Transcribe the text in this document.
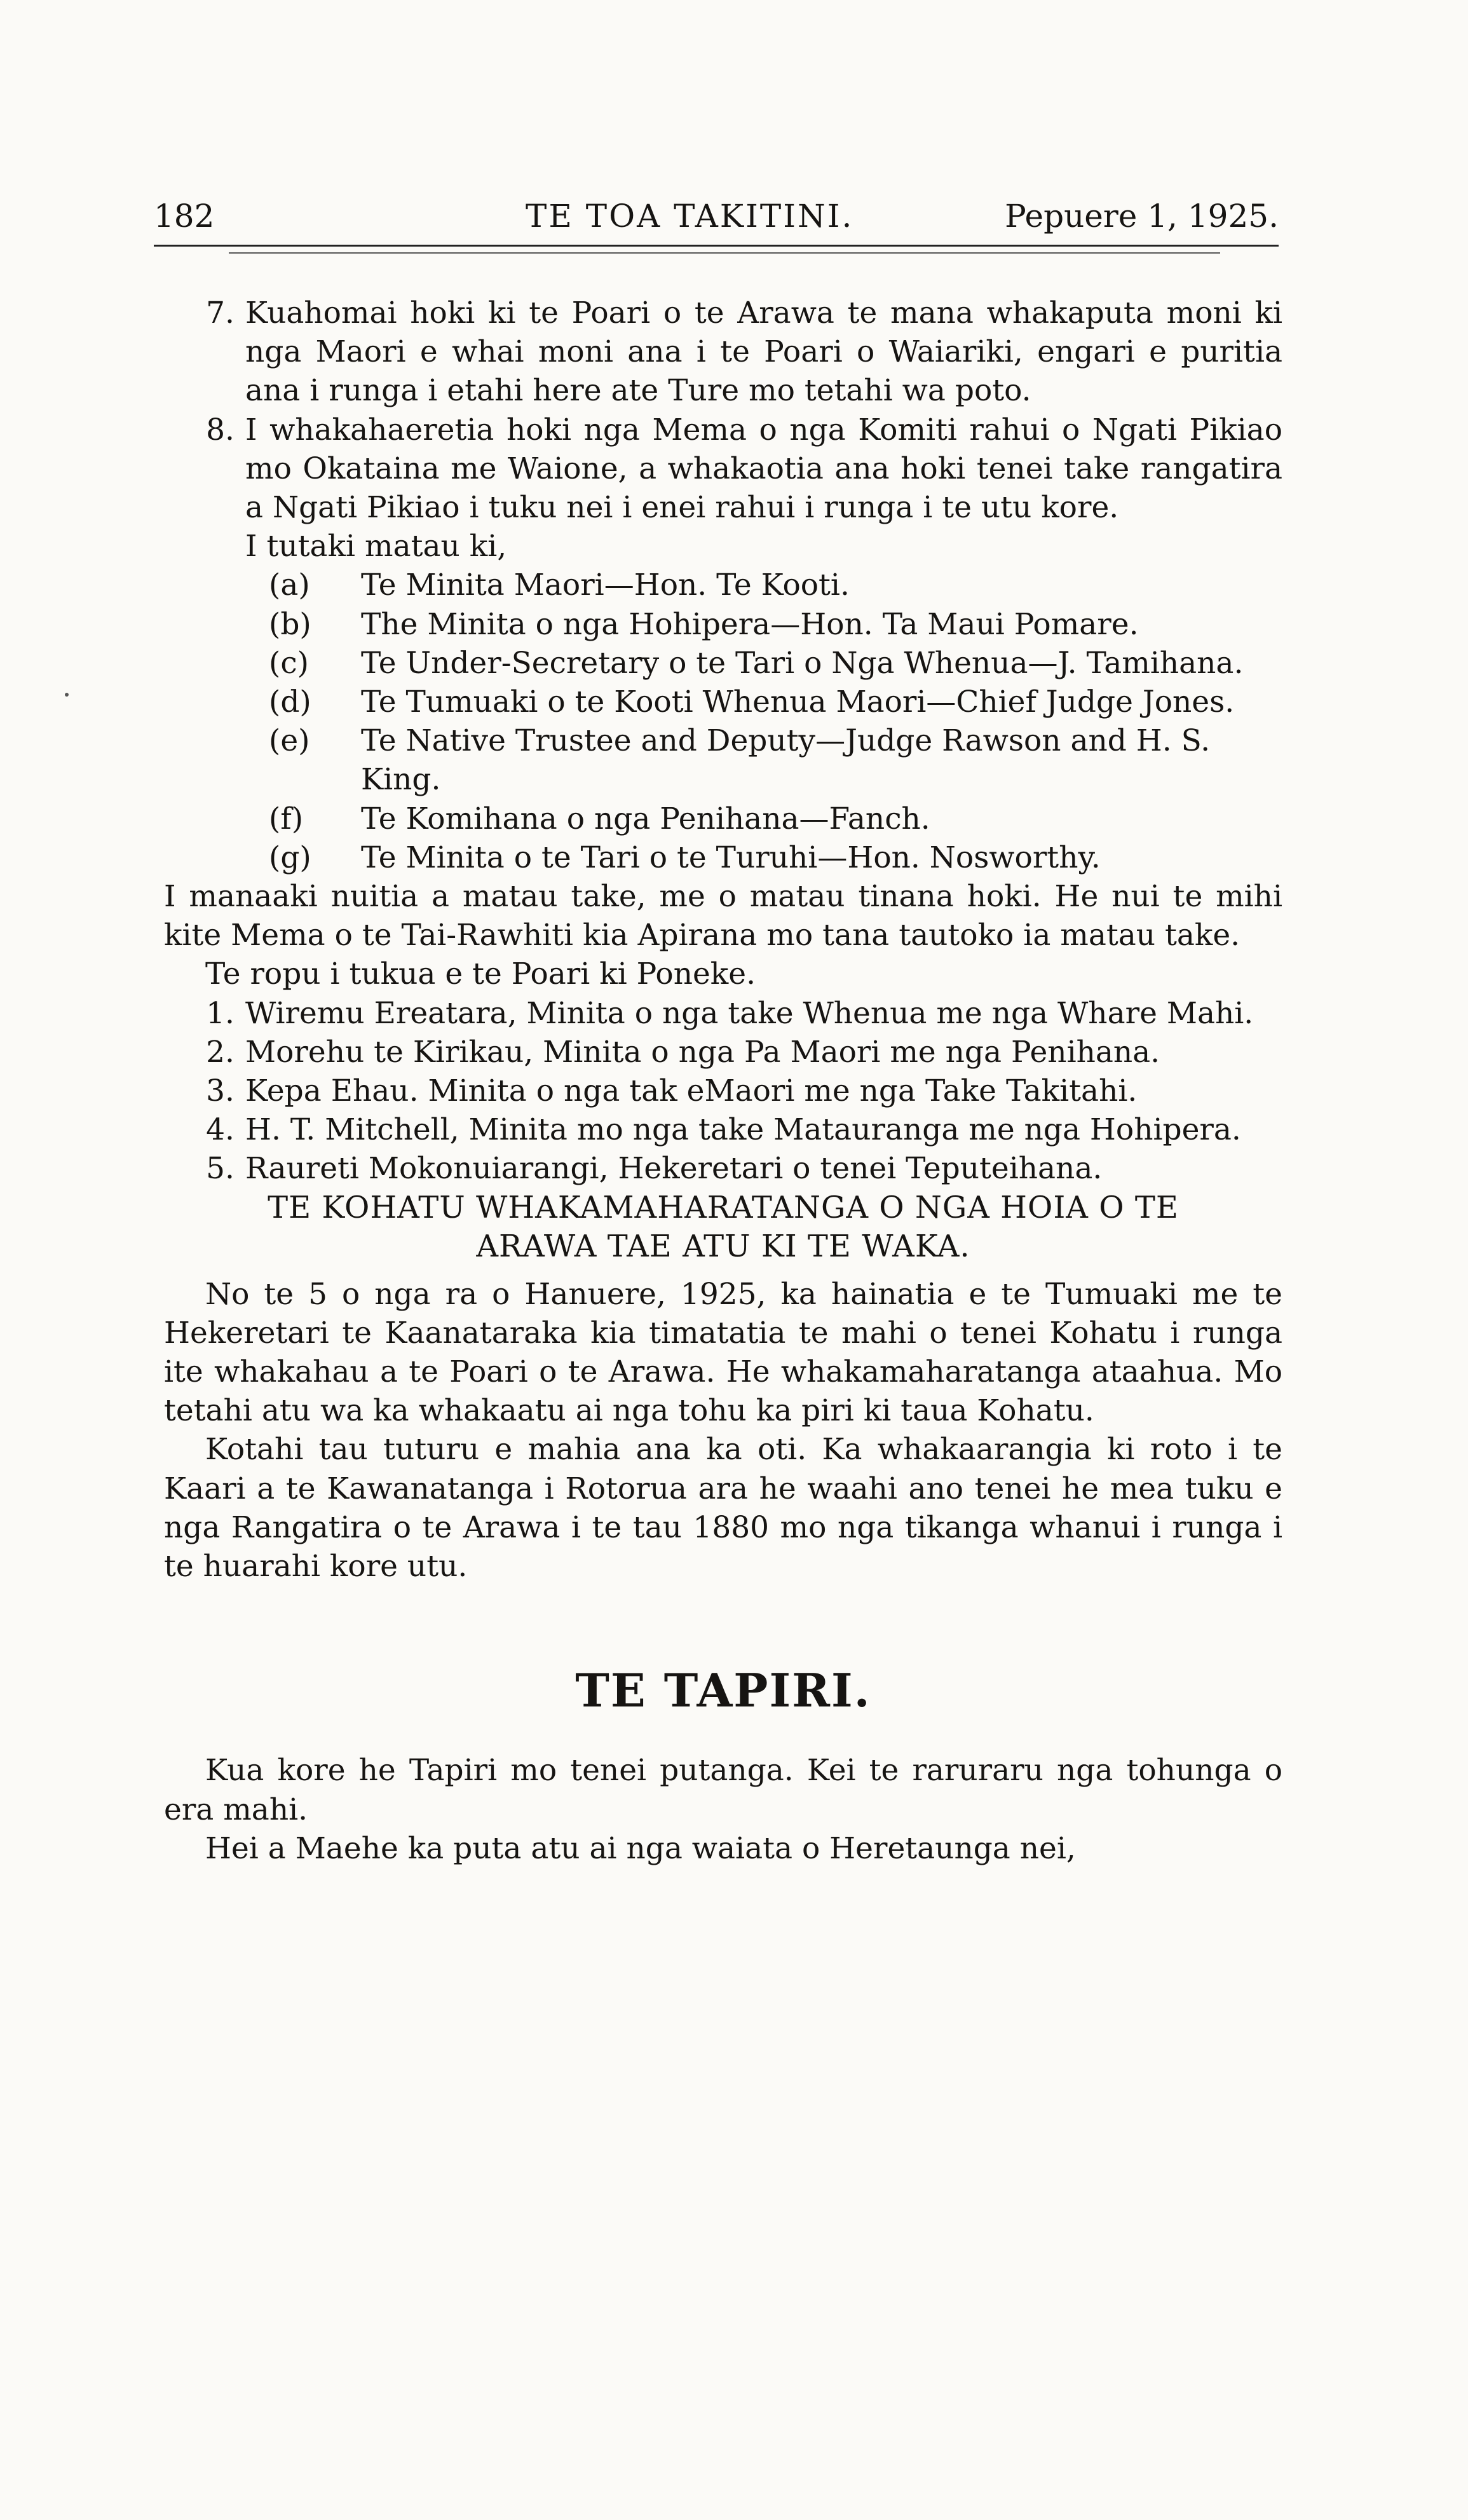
182	TE TOA TAKITINI.	Pepuere 1, 1925.
7. Kuahomai hoki ki te Poari o te Arawa te mana whakaputa moni ki nga Maori e whai moni ana i te Poari o Waiariki, engari e puritia ana i runga i etahi here ate Ture mo tetahi wa poto.
8. I whakahaeretia hoki nga Mema o nga Komiti rahui o Ngati Pikiao mo Okataina me Waione, a whakaotia ana hoki tenei take rangatira a Ngati Pikiao i tuku nei i enei rahui i runga i te utu kore.
I tutaki matau ki,
(a)	Te Minita Maori—Hon. Te Kooti.
(b)	The Minita o nga Hohipera—Hon. Ta Maui Pomare.
(c)	Te Under-Secretary o te Tari o Nga Whenua—J. Tamihana.
(d)	Te Tumuaki o te Kooti Whenua Maori—Chief Judge Jones.
(e)	Te Native Trustee and Deputy—Judge Rawson and H. S. King.
(f)	Te Komihana o nga Penihana—Fanch.
(g)	Te Minita o te Tari o te Turuhi—Hon. Nosworthy.
I manaaki nuitia a matau take, me o matau tinana hoki. He nui te mihi kite Mema o te Tai-Rawhiti kia Apirana mo tana tautoko ia matau take.
Te ropu i tukua e te Poari ki Poneke.
1. Wiremu Ereatara, Minita o nga take Whenua me nga Whare Mahi.
2. Morehu te Kirikau, Minita o nga Pa Maori me nga Penihana.
3. Kepa Ehau. Minita o nga tak eMaori me nga Take Takitahi.
4. H. T. Mitchell, Minita mo nga take Matauranga me nga Hohipera.
5. Raureti Mokonuiarangi, Hekeretari o tenei Teputeihana.
TE KOHATU WHAKAMAHARATANGA O NGA HOIA O TE
ARAWA TAE ATU KI TE WAKA.
No te 5 o nga ra o Hanuere, 1925, ka hainatia e te Tumuaki me te Hekeretari te Kaanataraka kia timatatia te mahi o tenei Kohatu i runga ite whakahau a te Poari o te Arawa. He whakamaharatanga ataahua. Mo tetahi atu wa ka whakaatu ai nga tohu ka piri ki taua Kohatu.
Kotahi tau tuturu e mahia ana ka oti. Ka whakaarangia ki roto i te Kaari a te Kawanatanga i Rotorua ara he waahi ano tenei he mea tuku e nga Rangatira o te Arawa i te tau 1880 mo nga tikanga whanui i runga i te huarahi kore utu.
TE TAPIRI.
Kua kore he Tapiri mo tenei putanga. Kei te raruraru nga tohunga o era mahi.
Hei a Maehe ka puta atu ai nga waiata o Heretaunga nei,
